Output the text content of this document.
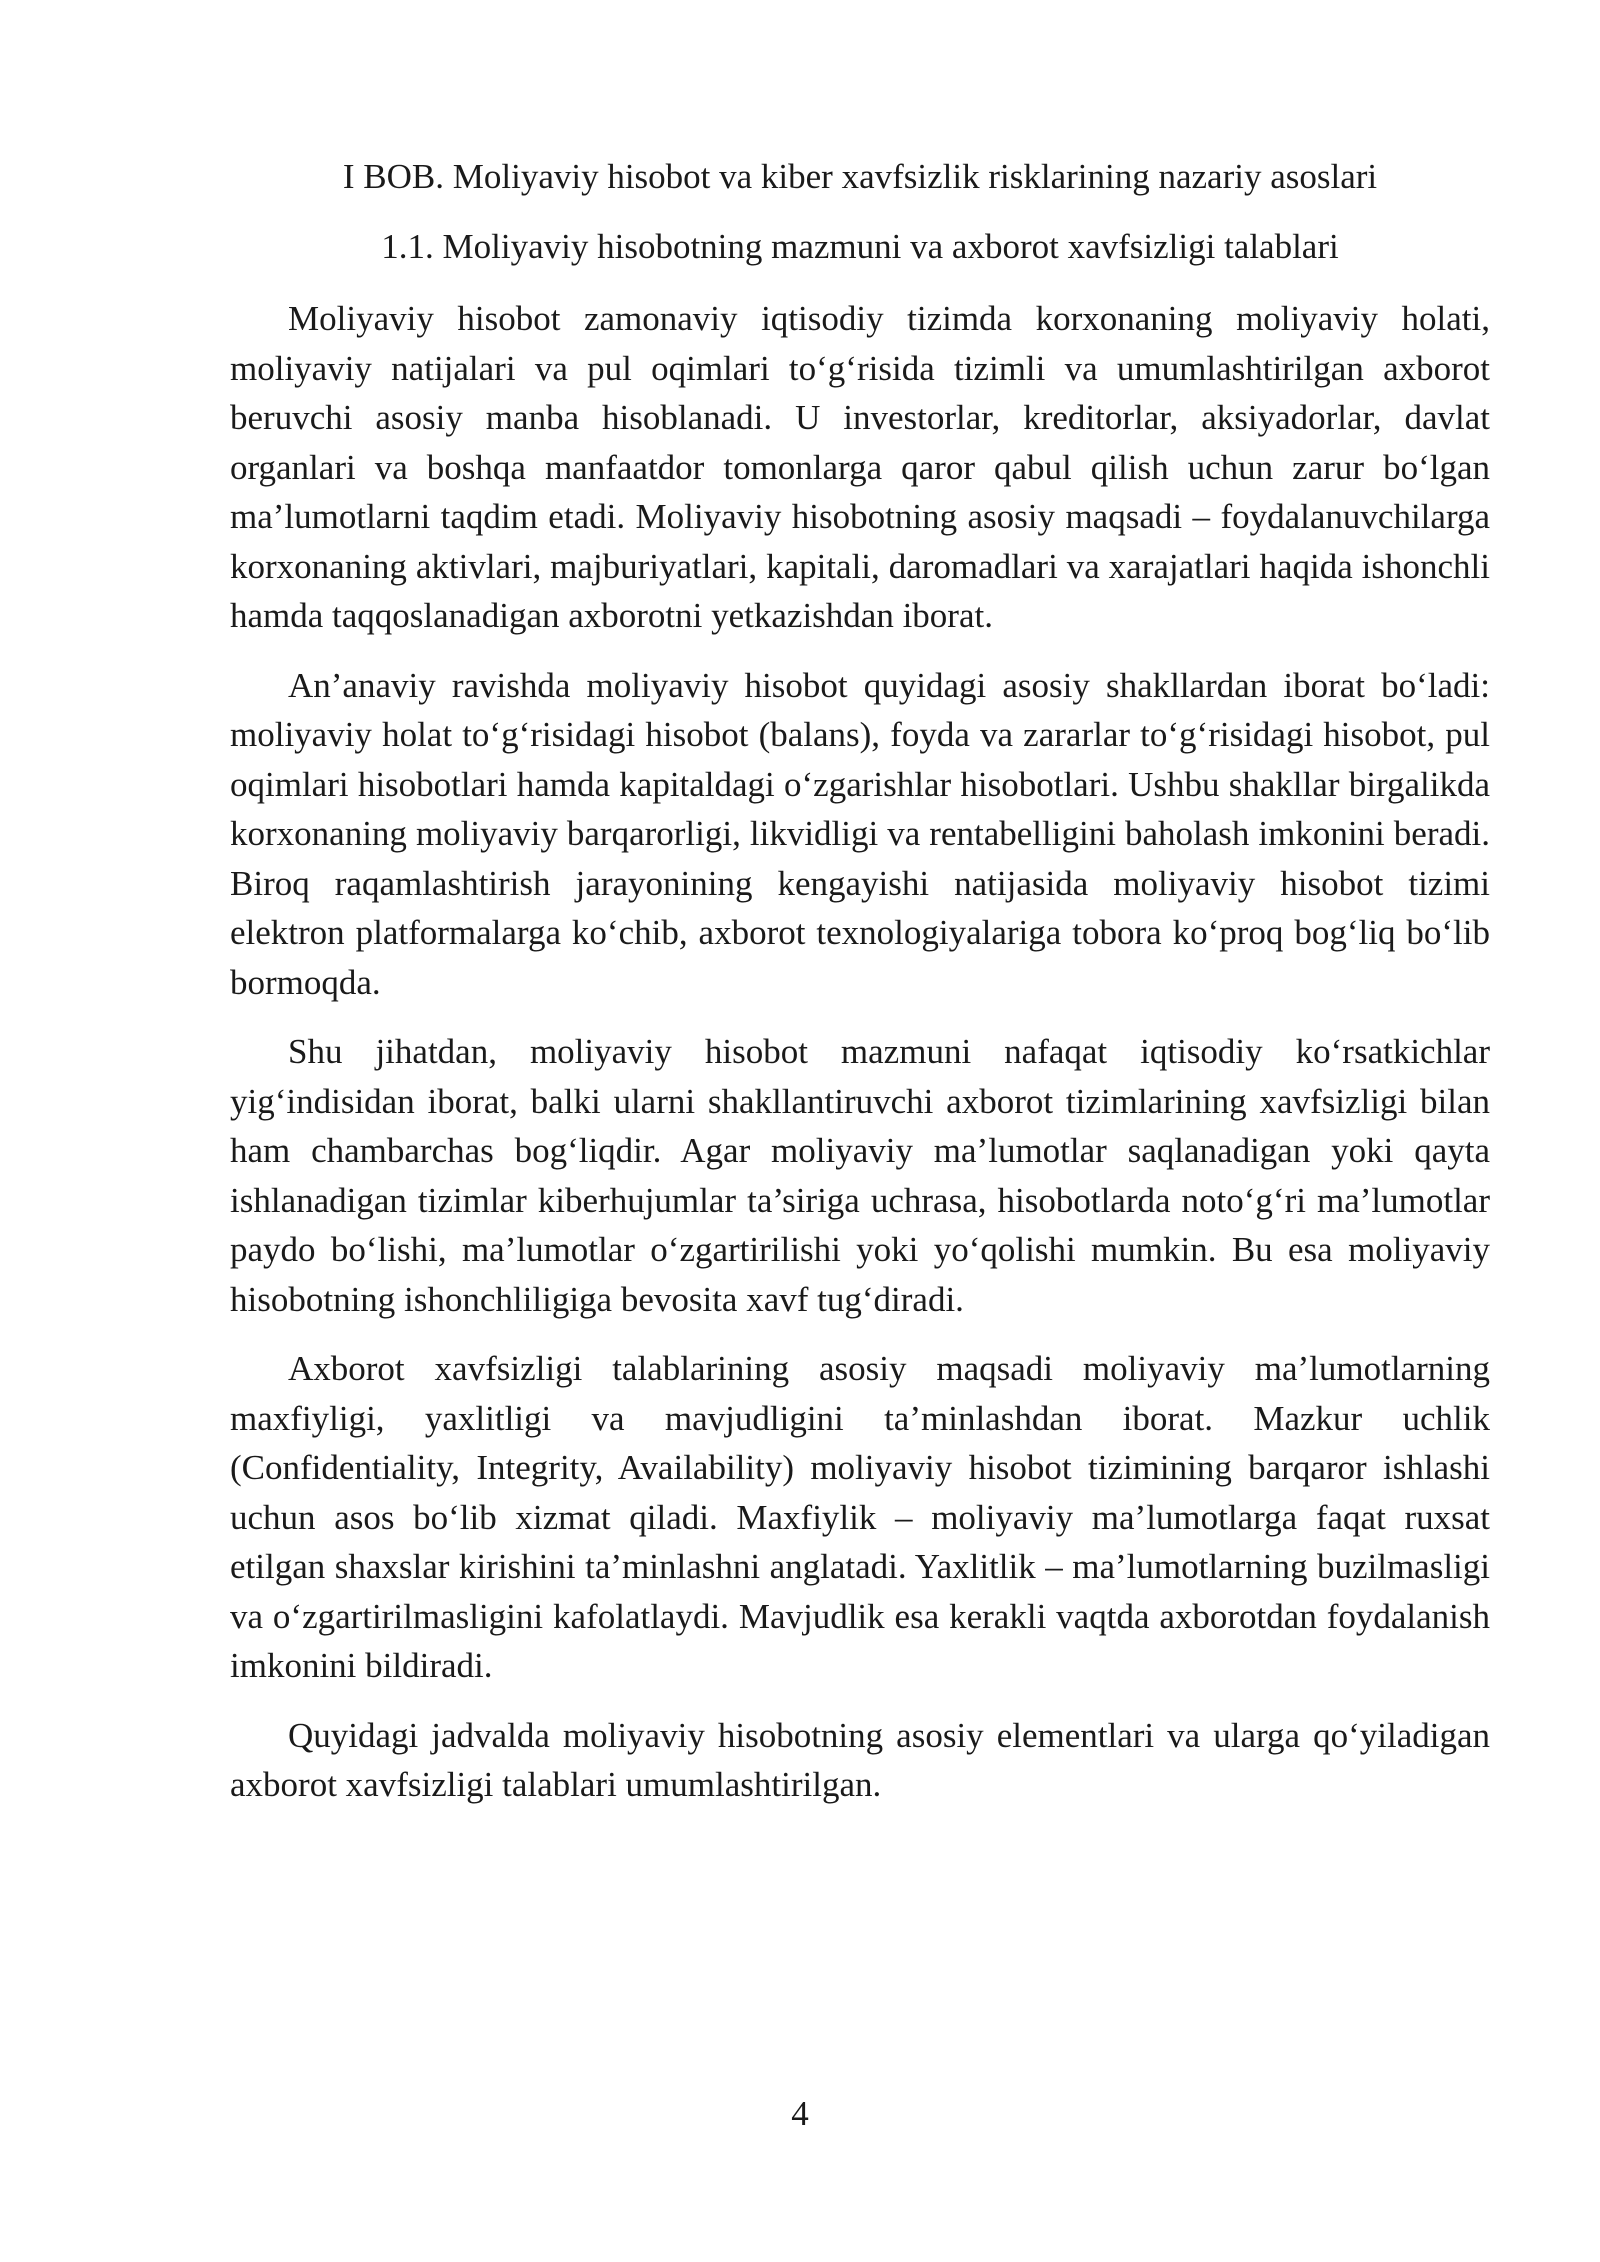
I BOB. Moliyaviy hisobot va kiber xavfsizlik risklarining nazariy asoslari
1.1. Moliyaviy hisobotning mazmuni va axborot xavfsizligi talablari

Moliyaviy hisobot zamonaviy iqtisodiy tizimda korxonaning moliyaviy holati, moliyaviy natijalari va pul oqimlari to‘g‘risida tizimli va umumlashtirilgan axborot beruvchi asosiy manba hisoblanadi. U investorlar, kreditorlar, aksiyadorlar, davlat organlari va boshqa manfaatdor tomonlarga qaror qabul qilish uchun zarur bo‘lgan ma’lumotlarni taqdim etadi. Moliyaviy hisobotning asosiy maqsadi – foydalanuvchilarga korxonaning aktivlari, majburiyatlari, kapitali, daromadlari va xarajatlari haqida ishonchli hamda taqqoslanadigan axborotni yetkazishdan iborat.

An’anaviy ravishda moliyaviy hisobot quyidagi asosiy shakllardan iborat bo‘ladi: moliyaviy holat to‘g‘risidagi hisobot (balans), foyda va zararlar to‘g‘risidagi hisobot, pul oqimlari hisobotlari hamda kapitaldagi o‘zgarishlar hisobotlari. Ushbu shakllar birgalikda korxonaning moliyaviy barqarorligi, likvidligi va rentabelligini baholash imkonini beradi. Biroq raqamlashtirish jarayonining kengayishi natijasida moliyaviy hisobot tizimi elektron platformalarga ko‘chib, axborot texnologiyalariga tobora ko‘proq bog‘liq bo‘lib bormoqda.

Shu jihatdan, moliyaviy hisobot mazmuni nafaqat iqtisodiy ko‘rsatkichlar yig‘indisidan iborat, balki ularni shakllantiruvchi axborot tizimlarining xavfsizligi bilan ham chambarchas bog‘liqdir. Agar moliyaviy ma’lumotlar saqlanadigan yoki qayta ishlanadigan tizimlar kiberhujumlar ta’siriga uchrasa, hisobotlarda noto‘g‘ri ma’lumotlar paydo bo‘lishi, ma’lumotlar o‘zgartirilishi yoki yo‘qolishi mumkin. Bu esa moliyaviy hisobotning ishonchliligiga bevosita xavf tug‘diradi.

Axborot xavfsizligi talablarining asosiy maqsadi moliyaviy ma’lumotlarning maxfiyligi, yaxlitligi va mavjudligini ta’minlashdan iborat. Mazkur uchlik (Confidentiality, Integrity, Availability) moliyaviy hisobot tizimining barqaror ishlashi uchun asos bo‘lib xizmat qiladi. Maxfiylik – moliyaviy ma’lumotlarga faqat ruxsat etilgan shaxslar kirishini ta’minlashni anglatadi. Yaxlitlik – ma’lumotlarning buzilmasligi va o‘zgartirilmasligini kafolatlaydi. Mavjudlik esa kerakli vaqtda axborotdan foydalanish imkonini bildiradi.

Quyidagi jadvalda moliyaviy hisobotning asosiy elementlari va ularga qo‘yiladigan axborot xavfsizligi talablari umumlashtirilgan.

4
